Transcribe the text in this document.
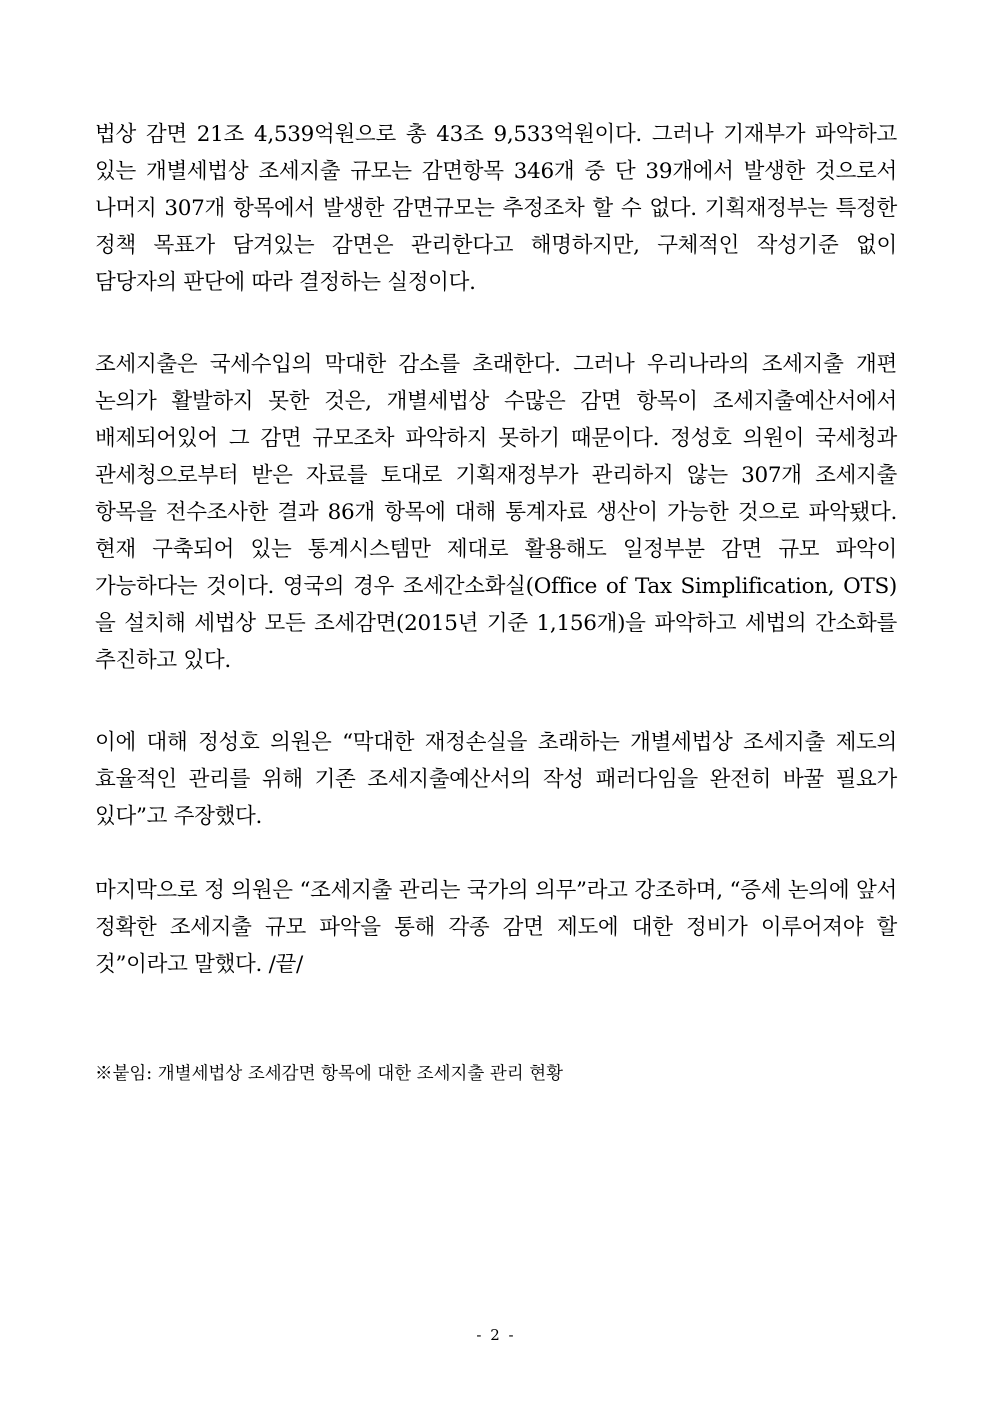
법상 감면 21조 4,539억원으로 총 43조 9,533억원이다. 그러나 기재부가 파악하고 있는 개별세법상 조세지출 규모는 감면항목 346개 중 단 39개에서 발생한 것으로서 나머지 307개 항목에서 발생한 감면규모는 추정조차 할 수 없다. 기획재정부는 특정한 정책 목표가 담겨있는 감면은 관리한다고 해명하지만, 구체적인 작성기준 없이 담당자의 판단에 따라 결정하는 실정이다.

조세지출은 국세수입의 막대한 감소를 초래한다. 그러나 우리나라의 조세지출 개편 논의가 활발하지 못한 것은, 개별세법상 수많은 감면 항목이 조세지출예산서에서 배제되어있어 그 감면 규모조차 파악하지 못하기 때문이다. 정성호 의원이 국세청과 관세청으로부터 받은 자료를 토대로 기획재정부가 관리하지 않는 307개 조세지출 항목을 전수조사한 결과 86개 항목에 대해 통계자료 생산이 가능한 것으로 파악됐다. 현재 구축되어 있는 통계시스템만 제대로 활용해도 일정부분 감면 규모 파악이 가능하다는 것이다. 영국의 경우 조세간소화실(Office of Tax Simplification, OTS)을 설치해 세법상 모든 조세감면(2015년 기준 1,156개)을 파악하고 세법의 간소화를 추진하고 있다.

이에 대해 정성호 의원은 “막대한 재정손실을 초래하는 개별세법상 조세지출 제도의 효율적인 관리를 위해 기존 조세지출예산서의 작성 패러다임을 완전히 바꿀 필요가 있다”고 주장했다.

마지막으로 정 의원은 “조세지출 관리는 국가의 의무”라고 강조하며, “증세 논의에 앞서 정확한 조세지출 규모 파악을 통해 각종 감면 제도에 대한 정비가 이루어져야 할 것”이라고 말했다. /끝/

※붙임: 개별세법상 조세감면 항목에 대한 조세지출 관리 현황

- 2 -
